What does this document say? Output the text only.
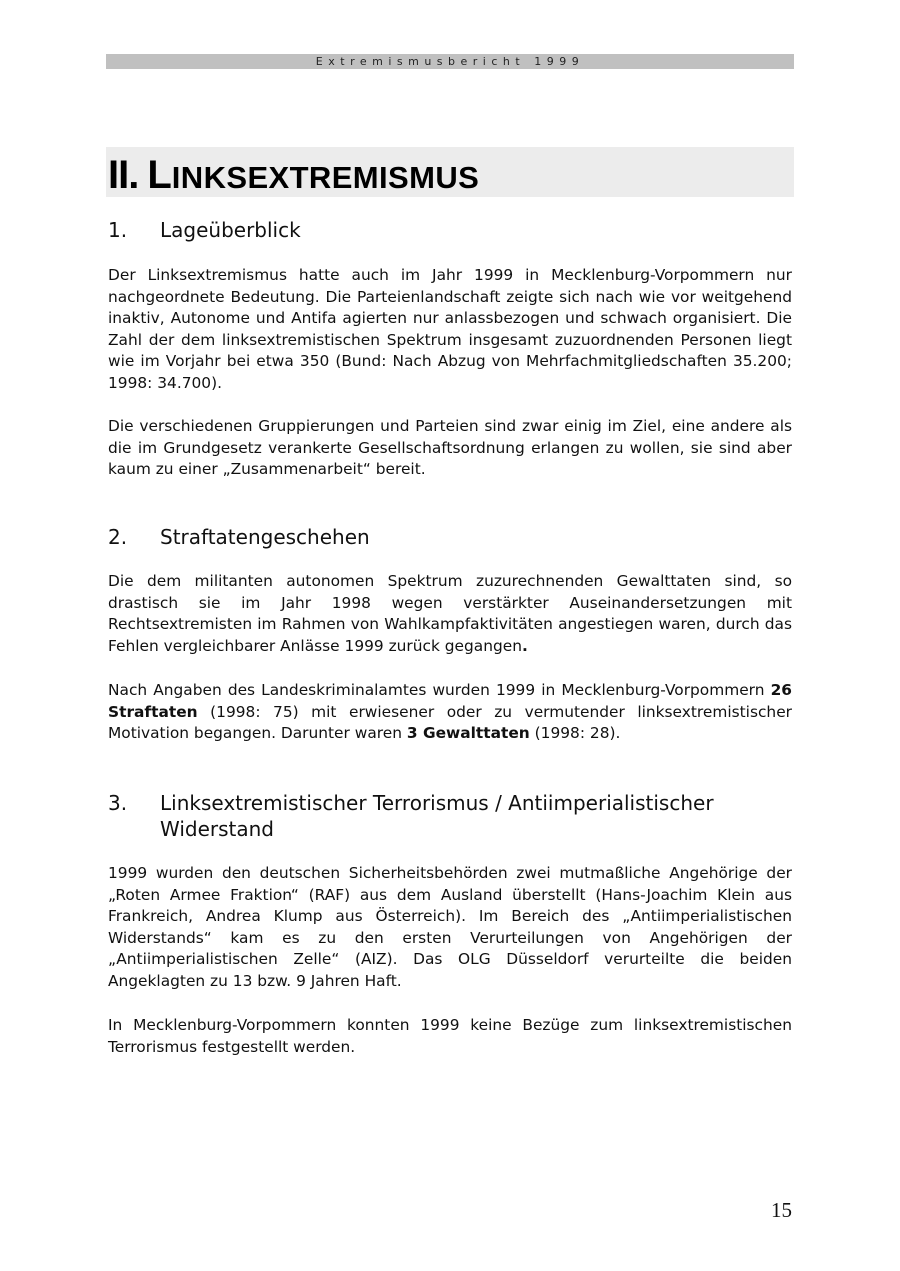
Extremismusbericht 1999
II. LINKSEXTREMISMUS
1. Lageüberblick

Der Linksextremismus hatte auch im Jahr 1999 in Mecklenburg-Vorpommern nur nachgeordnete Bedeutung. Die Parteienlandschaft zeigte sich nach wie vor weitgehend inaktiv, Autonome und Antifa agierten nur anlassbezogen und schwach organisiert. Die Zahl der dem linksextremistischen Spektrum insgesamt zuzuordnenden Personen liegt wie im Vorjahr bei etwa 350 (Bund: Nach Abzug von Mehrfachmitgliedschaften 35.200; 1998: 34.700).

Die verschiedenen Gruppierungen und Parteien sind zwar einig im Ziel, eine andere als die im Grundgesetz verankerte Gesellschaftsordnung erlangen zu wollen, sie sind aber kaum zu einer „Zusammenarbeit“ bereit.

2. Straftatengeschehen

Die dem militanten autonomen Spektrum zuzurechnenden Gewalttaten sind, so drastisch sie im Jahr 1998 wegen verstärkter Auseinandersetzungen mit Rechtsextremisten im Rahmen von Wahlkampfaktivitäten angestiegen waren, durch das Fehlen vergleichbarer Anlässe 1999 zurück gegangen.

Nach Angaben des Landeskriminalamtes wurden 1999 in Mecklenburg-Vorpommern 26 Straftaten (1998: 75) mit erwiesener oder zu vermutender linksextremistischer Motivation begangen. Darunter waren 3 Gewalttaten (1998: 28).

3. Linksextremistischer Terrorismus / Antiimperialistischer Widerstand

1999 wurden den deutschen Sicherheitsbehörden zwei mutmaßliche Angehörige der „Roten Armee Fraktion“ (RAF) aus dem Ausland überstellt (Hans-Joachim Klein aus Frankreich, Andrea Klump aus Österreich). Im Bereich des „Antiimperialistischen Widerstands“ kam es zu den ersten Verurteilungen von Angehörigen der „Antiimperialistischen Zelle“ (AIZ). Das OLG Düsseldorf verurteilte die beiden Angeklagten zu 13 bzw. 9 Jahren Haft.

In Mecklenburg-Vorpommern konnten 1999 keine Bezüge zum linksextremistischen Terrorismus festgestellt werden.

15
